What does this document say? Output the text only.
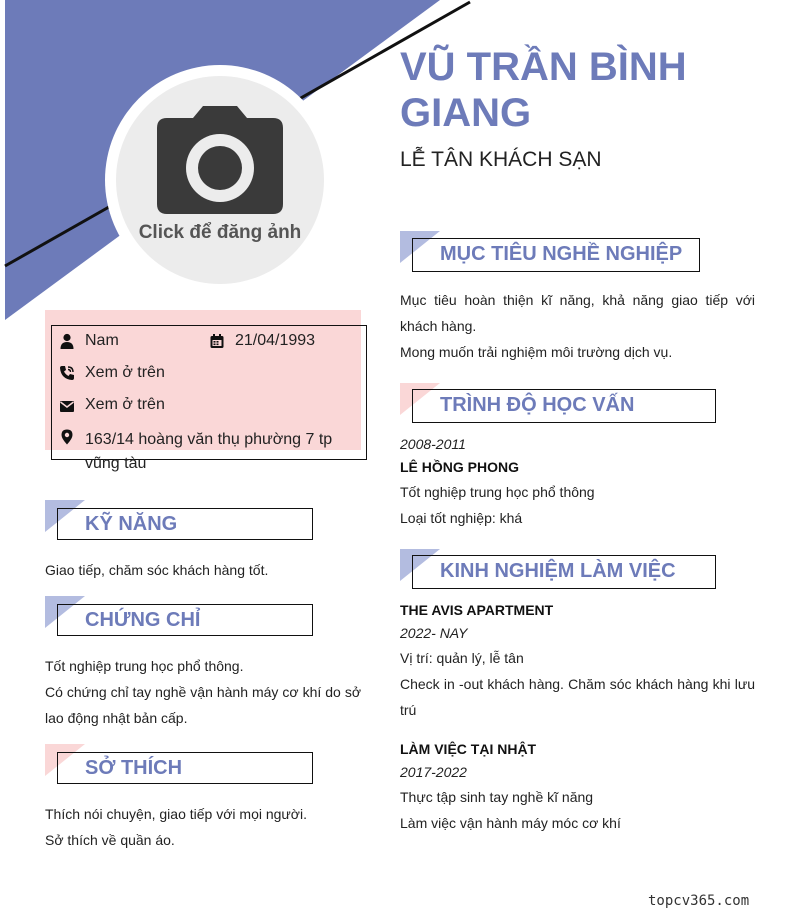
Click để đăng ảnh
VŨ TRẦN BÌNH GIANG
LỄ TÂN KHÁCH SẠN
Nam	21/04/1993
Xem ở trên
Xem ở trên
163/14 hoàng văn thụ phường 7 tp vũng tàu
KỸ NĂNG
Giao tiếp, chăm sóc khách hàng tốt.
CHỨNG CHỈ
Tốt nghiệp trung học phổ thông.
Có chứng chỉ tay nghề vận hành máy cơ khí do sở lao động nhật bản cấp.
SỞ THÍCH
Thích nói chuyện, giao tiếp với mọi người.
Sở thích về quần áo.
MỤC TIÊU NGHỀ NGHIỆP
Mục tiêu hoàn thiện kĩ năng, khả năng giao tiếp với khách hàng.
Mong muốn trải nghiệm môi trường dịch vụ.
TRÌNH ĐỘ HỌC VẤN
2008-2011
LÊ HỒNG PHONG
Tốt nghiệp trung học phổ thông
Loại tốt nghiệp: khá
KINH NGHIỆM LÀM VIỆC
THE AVIS APARTMENT
2022- NAY
Vị trí: quản lý, lễ tân
Check in -out khách hàng. Chăm sóc khách hàng khi lưu trú
LÀM VIỆC TẠI NHẬT
2017-2022
Thực tập sinh tay nghề kĩ năng
Làm việc vận hành máy móc cơ khí
topcv365.com
